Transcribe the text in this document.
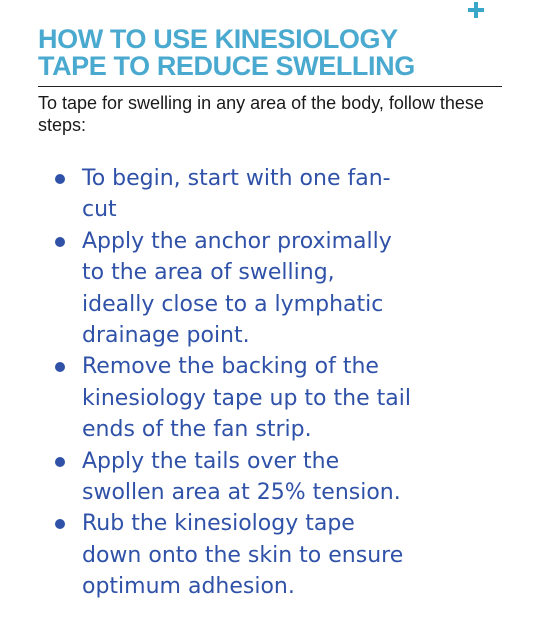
HOW TO USE KINESIOLOGY
TAPE TO REDUCE SWELLING

To tape for swelling in any area of the body, follow these steps:

To begin, start with one fan-cut
Apply the anchor proximally to the area of swelling, ideally close to a lymphatic drainage point.
Remove the backing of the kinesiology tape up to the tail ends of the fan strip.
Apply the tails over the swollen area at 25% tension.
Rub the kinesiology tape down onto the skin to ensure optimum adhesion.
